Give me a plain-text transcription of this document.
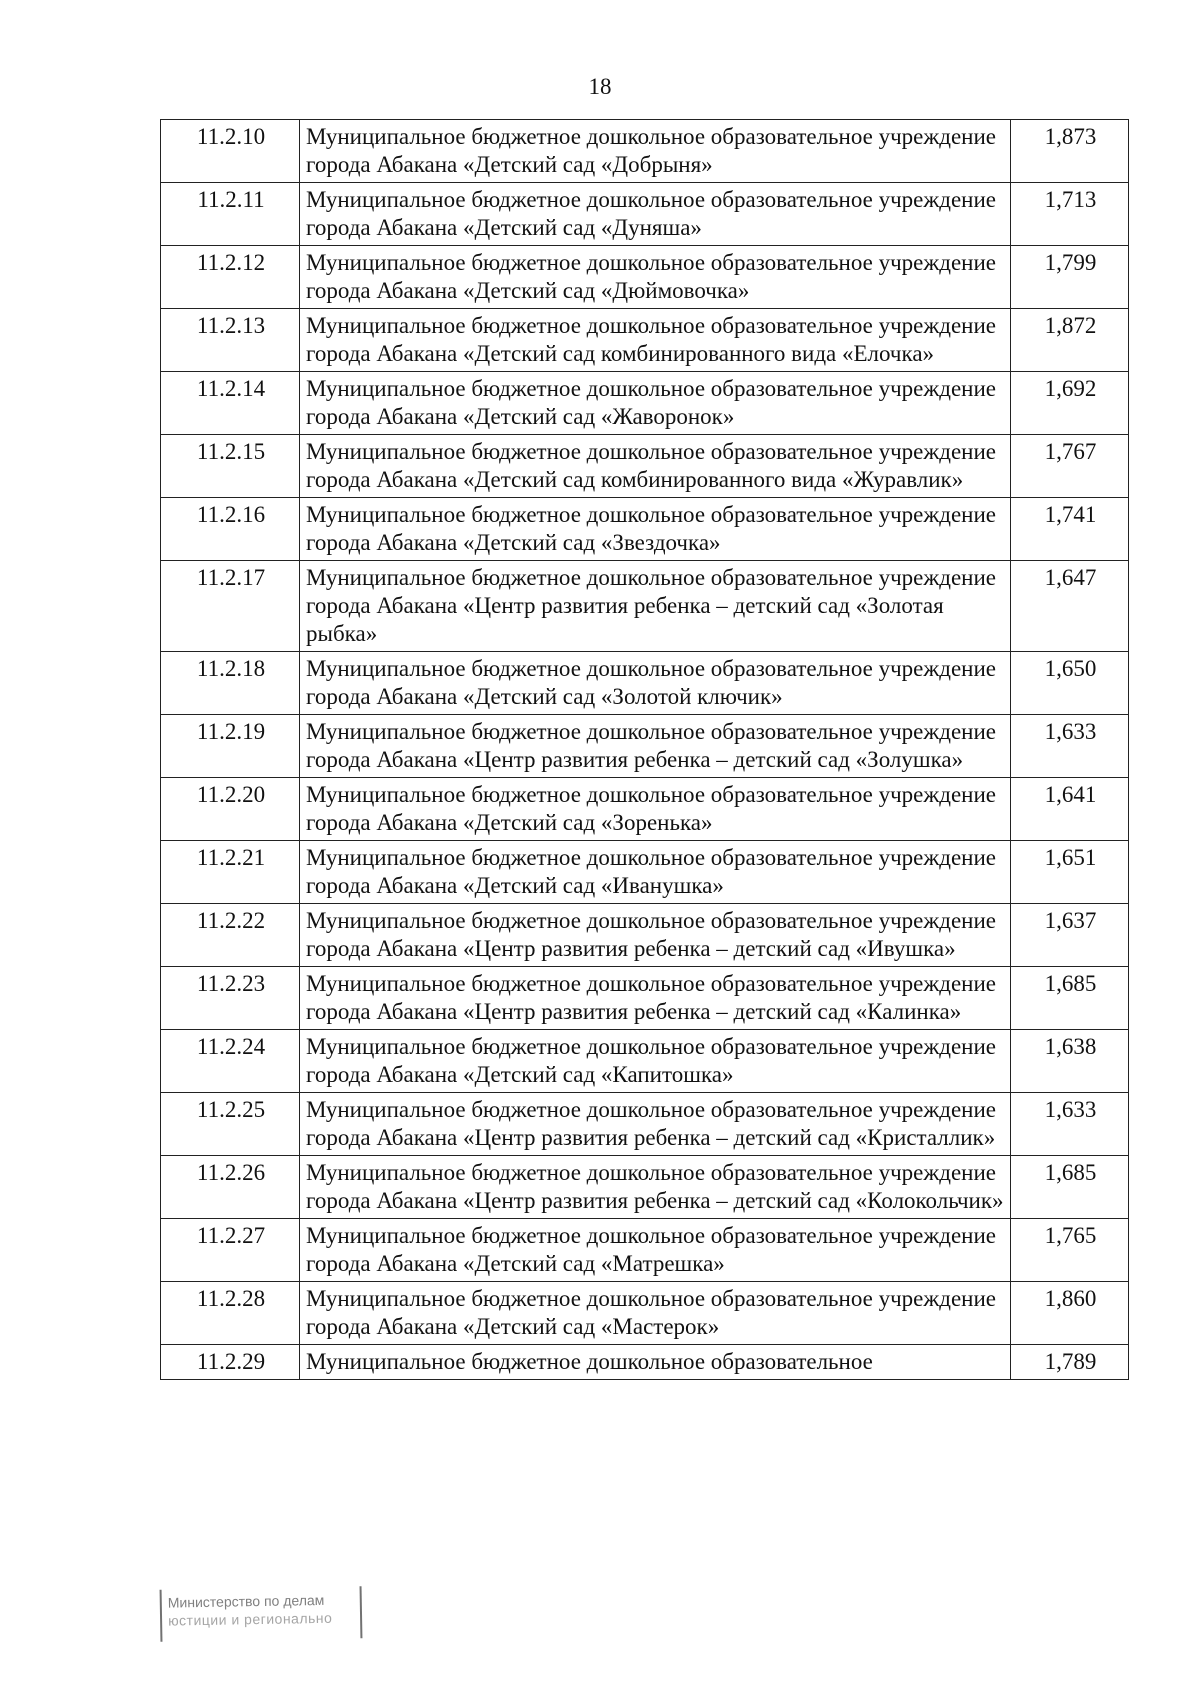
18
11.2.10	Муниципальное бюджетное дошкольное образовательное учреждение города Абакана «Детский сад «Добрыня»	1,873
11.2.11	Муниципальное бюджетное дошкольное образовательное учреждение города Абакана «Детский сад «Дуняша»	1,713
11.2.12	Муниципальное бюджетное дошкольное образовательное учреждение города Абакана «Детский сад «Дюймовочка»	1,799
11.2.13	Муниципальное бюджетное дошкольное образовательное учреждение города Абакана «Детский сад комбинированного вида «Елочка»	1,872
11.2.14	Муниципальное бюджетное дошкольное образовательное учреждение города Абакана «Детский сад «Жаворонок»	1,692
11.2.15	Муниципальное бюджетное дошкольное образовательное учреждение города Абакана «Детский сад комбинированного вида «Журавлик»	1,767
11.2.16	Муниципальное бюджетное дошкольное образовательное учреждение города Абакана «Детский сад «Звездочка»	1,741
11.2.17	Муниципальное бюджетное дошкольное образовательное учреждение города Абакана «Центр развития ребенка – детский сад «Золотая рыбка»	1,647
11.2.18	Муниципальное бюджетное дошкольное образовательное учреждение города Абакана «Детский сад «Золотой ключик»	1,650
11.2.19	Муниципальное бюджетное дошкольное образовательное учреждение города Абакана «Центр развития ребенка – детский сад «Золушка»	1,633
11.2.20	Муниципальное бюджетное дошкольное образовательное учреждение города Абакана «Детский сад «Зоренька»	1,641
11.2.21	Муниципальное бюджетное дошкольное образовательное учреждение города Абакана «Детский сад «Иванушка»	1,651
11.2.22	Муниципальное бюджетное дошкольное образовательное учреждение города Абакана «Центр развития ребенка – детский сад «Ивушка»	1,637
11.2.23	Муниципальное бюджетное дошкольное образовательное учреждение города Абакана «Центр развития ребенка – детский сад «Калинка»	1,685
11.2.24	Муниципальное бюджетное дошкольное образовательное учреждение города Абакана «Детский сад «Капитошка»	1,638
11.2.25	Муниципальное бюджетное дошкольное образовательное учреждение города Абакана «Центр развития ребенка – детский сад «Кристаллик»	1,633
11.2.26	Муниципальное бюджетное дошкольное образовательное учреждение города Абакана «Центр развития ребенка – детский сад «Колокольчик»	1,685
11.2.27	Муниципальное бюджетное дошкольное образовательное учреждение города Абакана «Детский сад «Матрешка»	1,765
11.2.28	Муниципальное бюджетное дошкольное образовательное учреждение города Абакана «Детский сад «Мастерок»	1,860
11.2.29	Муниципальное бюджетное дошкольное образовательное	1,789
Министерство по делам
юстиции и регионально
